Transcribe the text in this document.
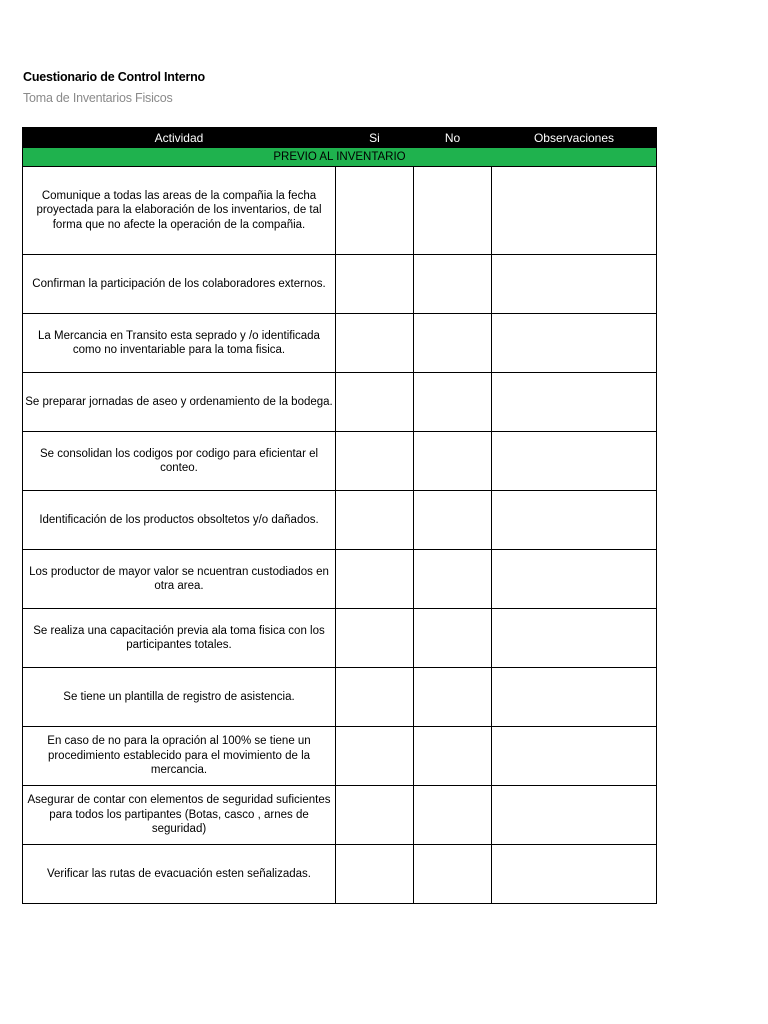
Cuestionario de Control Interno
Toma de Inventarios Fisicos
Actividad	Si	No	Observaciones
PREVIO AL INVENTARIO			
Comunique a todas las areas de la compañia la fecha proyectada para la elaboración de los inventarios, de tal forma que no afecte la operación de la compañia.			
Confirman la participación de los colaboradores externos.			
La Mercancia en Transito esta seprado y /o identificada como no inventariable para la toma fisica.			
Se preparar jornadas de aseo y ordenamiento de la bodega.			
Se consolidan los codigos por codigo para eficientar el conteo.			
Identificación de los productos obsoltetos y/o dañados.			
Los productor de mayor valor se ncuentran custodiados en otra area.			
Se realiza una capacitación previa ala toma fisica con los participantes totales.			
Se tiene un plantilla de registro de asistencia.			
En caso de no para la opración al 100% se tiene un procedimiento establecido para el movimiento de la mercancia.			
Asegurar de contar con elementos de seguridad suficientes para todos los partipantes (Botas, casco , arnes de seguridad)			
Verificar las rutas de evacuación esten señalizadas.			
